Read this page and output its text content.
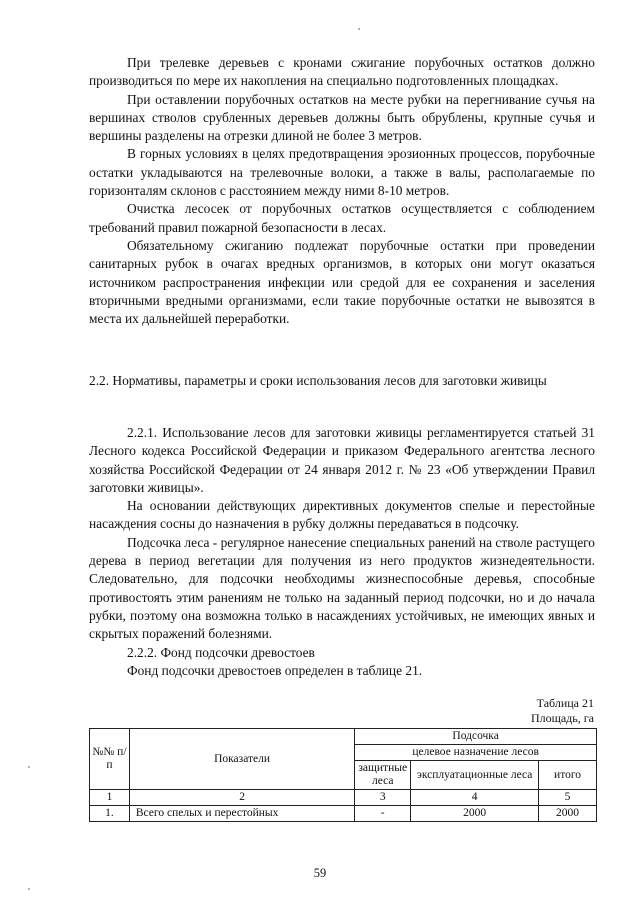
При трелевке деревьев с кронами сжигание порубочных остатков должно производиться по мере их накопления на специально подготовленных площадках.

При оставлении порубочных остатков на месте рубки на перегнивание сучья на вершинах стволов срубленных деревьев должны быть обрублены, крупные сучья и вершины разделены на отрезки длиной не более 3 метров.

В горных условиях в целях предотвращения эрозионных процессов, порубочные остатки укладываются на трелевочные волоки, а также в валы, располагаемые по горизонталям склонов с расстоянием между ними 8-10 метров.

Очистка лесосек от порубочных остатков осуществляется с соблюдением требований правил пожарной безопасности в лесах.

Обязательному сжиганию подлежат порубочные остатки при проведении санитарных рубок в очагах вредных организмов, в которых они могут оказаться источником распространения инфекции или средой для ее сохранения и заселения вторичными вредными организмами, если такие порубочные остатки не вывозятся в места их дальнейшей переработки.

2.2. Нормативы, параметры и сроки использования лесов для заготовки живицы

2.2.1. Использование лесов для заготовки живицы регламентируется статьей 31 Лесного кодекса Российской Федерации и приказом Федерального агентства лесного хозяйства Российской Федерации от 24 января 2012 г. № 23 «Об утверждении Правил заготовки живицы».

На основании действующих директивных документов спелые и перестойные насаждения сосны до назначения в рубку должны передаваться в подсочку.

Подсочка леса - регулярное нанесение специальных ранений на стволе растущего дерева в период вегетации для получения из него продуктов жизнедеятельности. Следовательно, для подсочки необходимы жизнеспособные деревья, способные противостоять этим ранениям не только на заданный период подсочки, но и до начала рубки, поэтому она возможна только в насаждениях устойчивых, не имеющих явных и скрытых поражений болезнями.

2.2.2. Фонд подсочки древостоев

Фонд подсочки древостоев определен в таблице 21.

Таблица 21
Площадь, га
№№ п/п	Показатели	Подсочка		
		целевое назначение лесов		
		защитные леса	эксплуатационные леса	итого
1	2	3	4	5
1.	Всего спелых и перестойных	-	2000	2000
59
